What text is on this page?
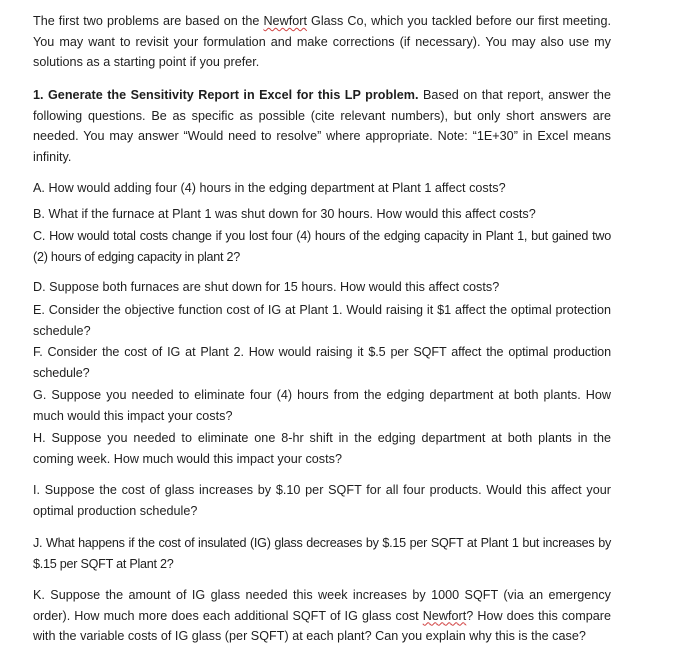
The first two problems are based on the Newfort Glass Co, which you tackled before our first meeting. You may want to revisit your formulation and make corrections (if necessary). You may also use my solutions as a starting point if you prefer.

1. Generate the Sensitivity Report in Excel for this LP problem. Based on that report, answer the following questions. Be as specific as possible (cite relevant numbers), but only short answers are needed. You may answer “Would need to resolve” where appropriate. Note: “1E+30” in Excel means infinity.

A. How would adding four (4) hours in the edging department at Plant 1 affect costs?

B. What if the furnace at Plant 1 was shut down for 30 hours. How would this affect costs?

C. How would total costs change if you lost four (4) hours of the edging capacity in Plant 1, but gained two (2) hours of edging capacity in plant 2?

D. Suppose both furnaces are shut down for 15 hours. How would this affect costs?

E. Consider the objective function cost of IG at Plant 1. Would raising it $1 affect the optimal protection schedule?

F. Consider the cost of IG at Plant 2. How would raising it $.5 per SQFT affect the optimal production schedule?

G. Suppose you needed to eliminate four (4) hours from the edging department at both plants. How much would this impact your costs?

H. Suppose you needed to eliminate one 8-hr shift in the edging department at both plants in the coming week. How much would this impact your costs?

I. Suppose the cost of glass increases by $.10 per SQFT for all four products. Would this affect your optimal production schedule?

J. What happens if the cost of insulated (IG) glass decreases by $.15 per SQFT at Plant 1 but increases by $.15 per SQFT at Plant 2?

K. Suppose the amount of IG glass needed this week increases by 1000 SQFT (via an emergency order). How much more does each additional SQFT of IG glass cost Newfort? How does this compare with the variable costs of IG glass (per SQFT) at each plant? Can you explain why this is the case?
